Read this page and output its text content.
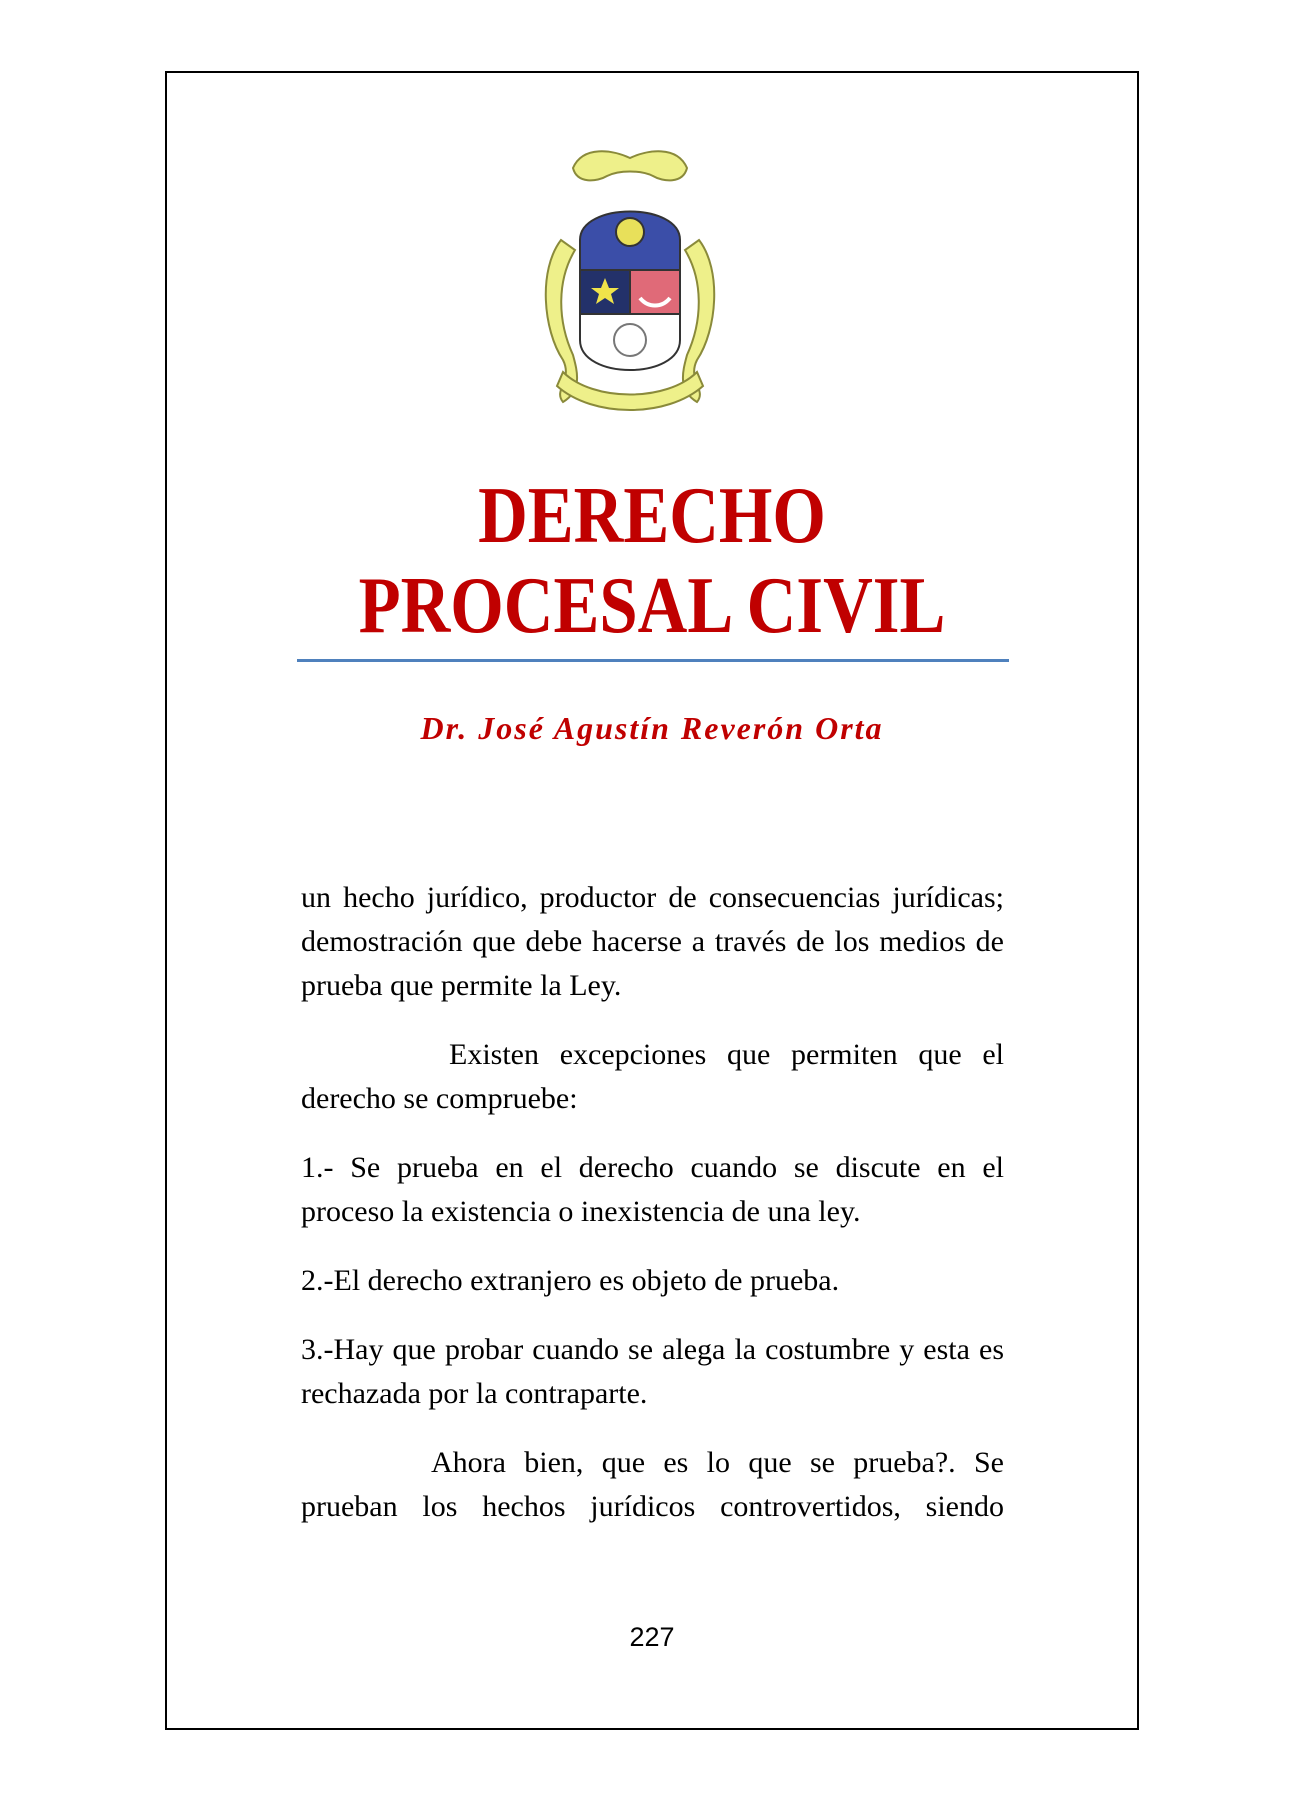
DERECHO
PROCESAL CIVIL
Dr. José Agustín Reverón Orta

un hecho jurídico, productor de consecuencias jurídicas; demostración que debe hacerse a través de los medios de prueba que permite la Ley.

Existen excepciones que permiten que el derecho se compruebe:

1.- Se prueba en el derecho cuando se discute en el proceso la existencia o inexistencia de una ley.

2.-El derecho extranjero es objeto de prueba.

3.-Hay que probar cuando se alega la costumbre y esta es rechazada por la contraparte.

Ahora bien, que es lo que se prueba?. Se prueban los hechos jurídicos controvertidos, siendo

227
